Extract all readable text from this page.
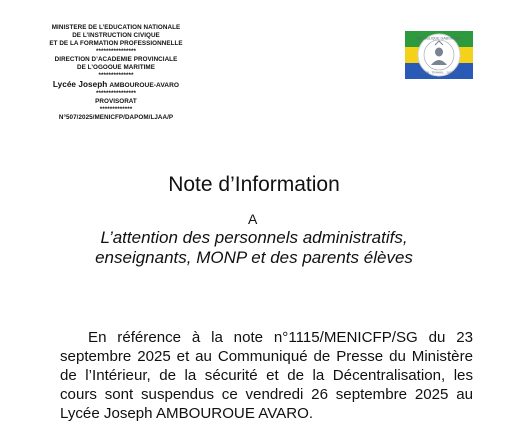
MINISTERE DE L’EDUCATION NATIONALE
DE L’INSTRUCTION CIVIQUE
ET DE LA FORMATION PROFESSIONNELLE
****************
DIRECTION D’ACADEMIE PROVINCIALE
DE L’OGOOUE MARITIME
**************
Lycée Joseph AMBOUROUE-AVARO
****************
PROVISORAT
*************
N°507/2025/MENICFP/DAPOM/LJAA/P
RÉPUBLIQUE GABONAISE
UNION · TRAVAIL · JUSTICE
Note d’Information
A
L’attention des personnels administratifs,
enseignants, MONP et des parents élèves
En référence à la note n°1115/MENICFP/SG du 23 septembre 2025 et au Communiqué de Presse du Ministère de l’Intérieur, de la sécurité et de la Décentralisation, les cours sont suspendus ce vendredi 26 septembre 2025 au Lycée Joseph AMBOUROUE AVARO.
